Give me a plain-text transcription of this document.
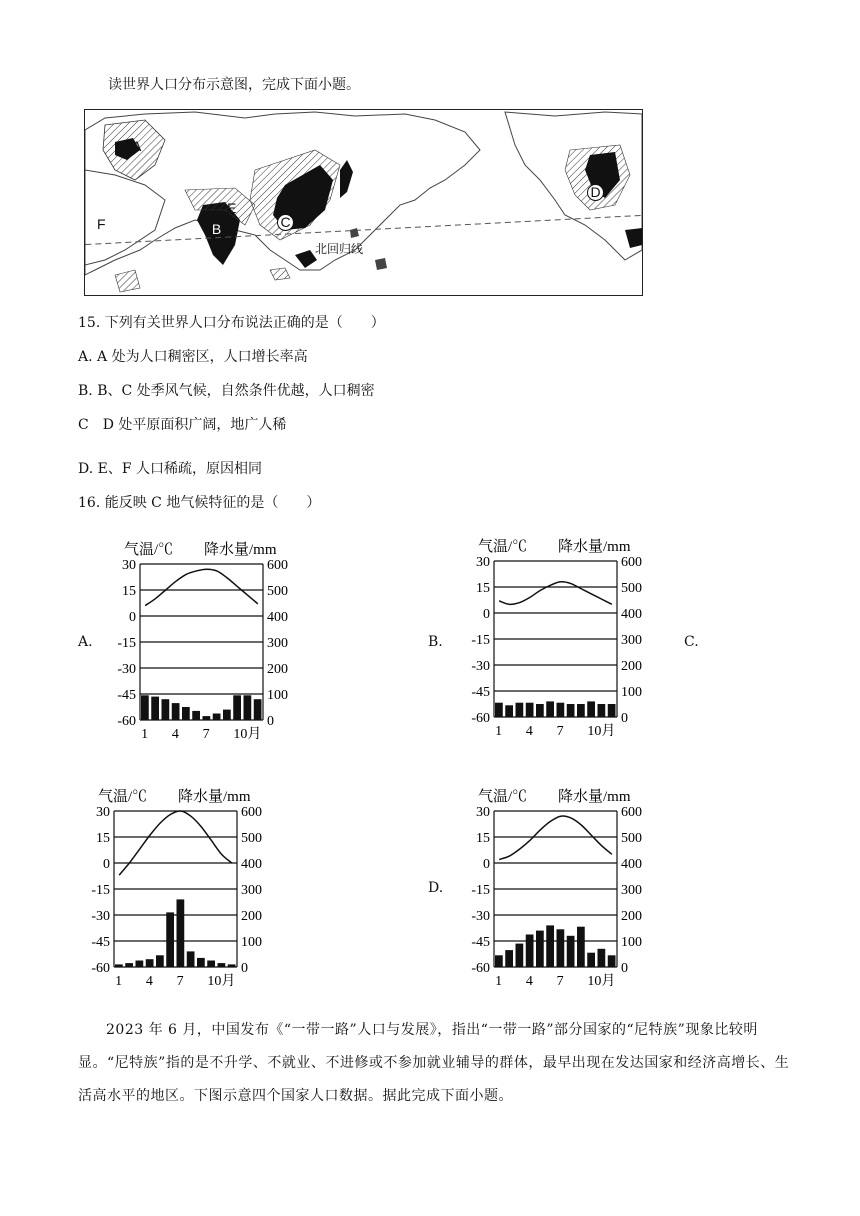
读世界人口分布示意图，完成下面小题。
A
B
E
C
D
F
北回归线
15. 下列有关世界人口分布说法正确的是（　　）
A. A 处为人口稠密区，人口增长率高
B. B、C 处季风气候，自然条件优越，人口稠密
C　D 处平原面积广阔，地广人稀
D. E、F 人口稀疏，原因相同
16. 能反映 C 地气候特征的是（　　）
A.	B.	C.
D.
气温/℃ 降水量/mm
30	600
15	500
0	400
-15	300
-30	200
-45	100
-60	0
1 4 7 10月
气温/℃ 降水量/mm
30	600
15	500
0	400
-15	300
-30	200
-45	100
-60	0
1 4 7 10月
气温/℃ 降水量/mm
30	600
15	500
0	400
-15	300
-30	200
-45	100
-60	0
1 4 7 10月
气温/℃ 降水量/mm
30	600
15	500
0	400
-15	300
-30	200
-45	100
-60	0
1 4 7 10月
2023 年 6 月，中国发布《“一带一路”人口与发展》，指出“一带一路”部分国家的“尼特族”现象比较明显。“尼特族”指的是不升学、不就业、不进修或不参加就业辅导的群体，最早出现在发达国家和经济高增长、生活高水平的地区。下图示意四个国家人口数据。据此完成下面小题。
